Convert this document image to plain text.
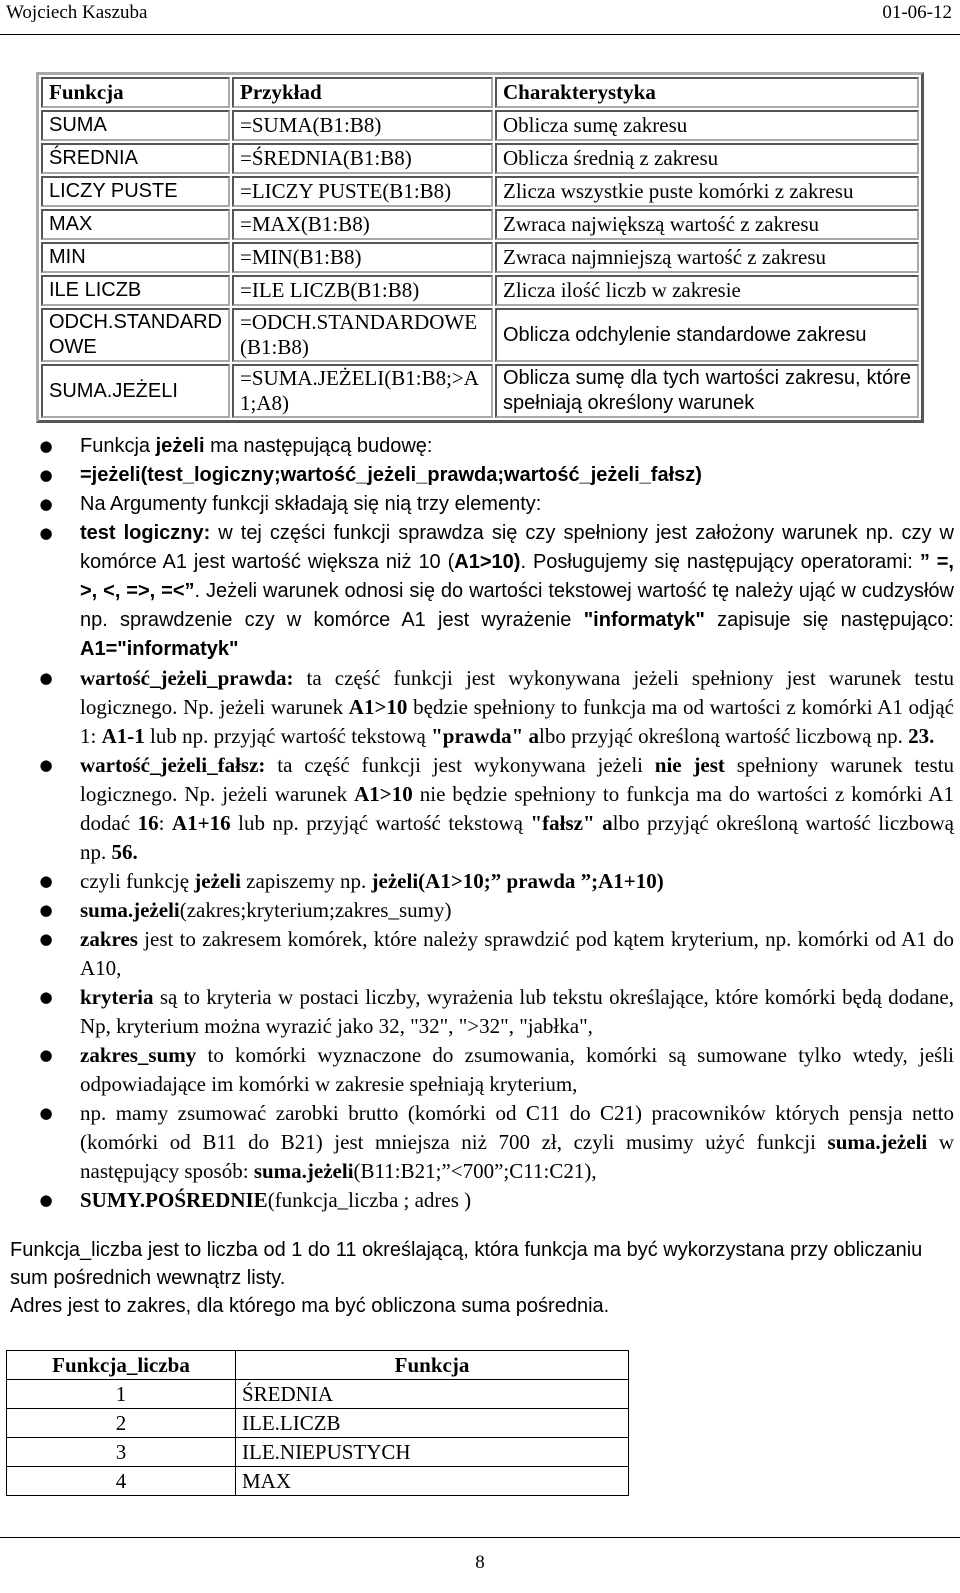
Wojciech Kaszuba	01-06-12
Funkcja	Przykład	Charakterystyka
SUMA	=SUMA(B1:B8)	Oblicza sumę zakresu
ŚREDNIA	=ŚREDNIA(B1:B8)	Oblicza średnią z zakresu
LICZY PUSTE	=LICZY PUSTE(B1:B8)	Zlicza wszystkie puste komórki z zakresu
MAX	=MAX(B1:B8)	Zwraca największą wartość z zakresu
MIN	=MIN(B1:B8)	Zwraca najmniejszą wartość z zakresu
ILE LICZB	=ILE LICZB(B1:B8)	Zlicza ilość liczb w zakresie
ODCH.STANDARDOWE	=ODCH.STANDARDOWE(B1:B8)	Oblicza odchylenie standardowe zakresu
SUMA.JEŻELI	=SUMA.JEŻELI(B1:B8;>A1;A8)	Oblicza sumę dla tych wartości zakresu, które spełniają określony warunek
● Funkcja jeżeli ma następującą budowę:
● =jeżeli(test_logiczny;wartość_jeżeli_prawda;wartość_jeżeli_fałsz)
● Na Argumenty funkcji składają się nią trzy elementy:
● test logiczny: w tej części funkcji sprawdza się czy spełniony jest założony warunek np. czy w komórce A1 jest wartość większa niż 10 (A1>10). Posługujemy się następujący operatorami: ” =, >, <, =>, =<”. Jeżeli warunek odnosi się do wartości tekstowej wartość tę należy ująć w cudzysłów np. sprawdzenie czy w komórce A1 jest wyrażenie "informatyk" zapisuje się następująco: A1="informatyk"
● wartość_jeżeli_prawda: ta część funkcji jest wykonywana jeżeli spełniony jest warunek testu logicznego. Np. jeżeli warunek A1>10 będzie spełniony to funkcja ma od wartości z komórki A1 odjąć 1: A1-1 lub np. przyjąć wartość tekstową "prawda" albo przyjąć określoną wartość liczbową np. 23.
● wartość_jeżeli_fałsz: ta część funkcji jest wykonywana jeżeli nie jest spełniony warunek testu logicznego. Np. jeżeli warunek A1>10 nie będzie spełniony to funkcja ma do wartości z komórki A1 dodać 16: A1+16 lub np. przyjąć wartość tekstową "fałsz" albo przyjąć określoną wartość liczbową np. 56.
● czyli funkcję jeżeli zapiszemy np. jeżeli(A1>10;” prawda ”;A1+10)
● suma.jeżeli(zakres;kryterium;zakres_sumy)
● zakres jest to zakresem komórek, które należy sprawdzić pod kątem kryterium, np. komórki od A1 do A10,
● kryteria są to kryteria w postaci liczby, wyrażenia lub tekstu określające, które komórki będą dodane, Np, kryterium można wyrazić jako 32, "32", ">32", "jabłka",
● zakres_sumy to komórki wyznaczone do zsumowania, komórki są sumowane tylko wtedy, jeśli odpowiadające im komórki w zakresie spełniają kryterium,
● np. mamy zsumować zarobki brutto (komórki od C11 do C21) pracowników których pensja netto (komórki od B11 do B21) jest mniejsza niż 700 zł, czyli musimy użyć funkcji suma.jeżeli w następujący sposób: suma.jeżeli(B11:B21;”<700”;C11:C21),
● SUMY.POŚREDNIE(funkcja_liczba ; adres )
Funkcja_liczba jest to liczba od 1 do 11 określającą, która funkcja ma być wykorzystana przy obliczaniu sum pośrednich wewnątrz listy.
Adres jest to zakres, dla którego ma być obliczona suma pośrednia.
Funkcja_liczba	Funkcja
1	ŚREDNIA
2	ILE.LICZB
3	ILE.NIEPUSTYCH
4	MAX
8
